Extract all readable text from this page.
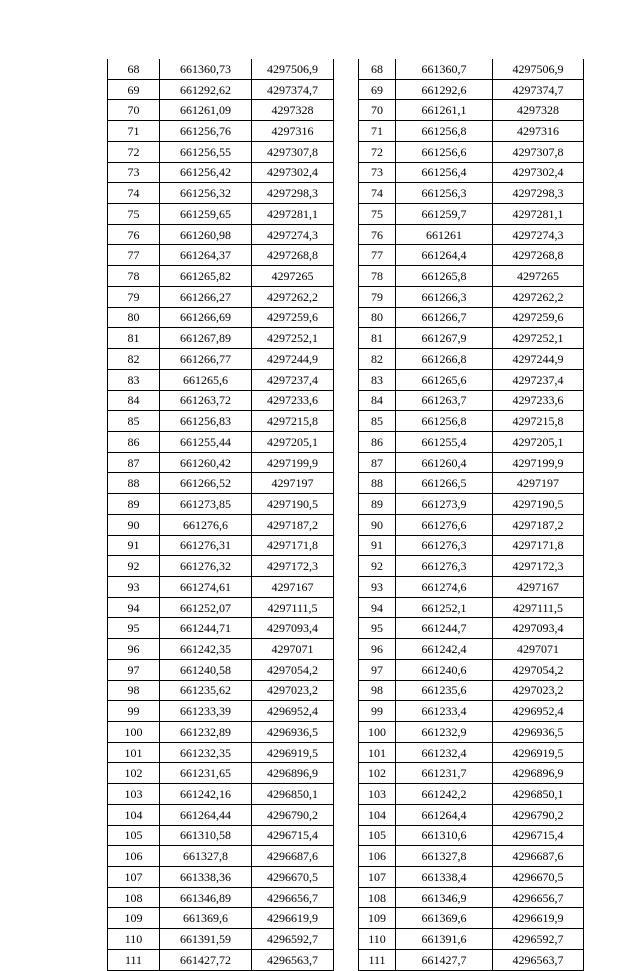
68	661360,73	4297506,9
69	661292,62	4297374,7
70	661261,09	4297328
71	661256,76	4297316
72	661256,55	4297307,8
73	661256,42	4297302,4
74	661256,32	4297298,3
75	661259,65	4297281,1
76	661260,98	4297274,3
77	661264,37	4297268,8
78	661265,82	4297265
79	661266,27	4297262,2
80	661266,69	4297259,6
81	661267,89	4297252,1
82	661266,77	4297244,9
83	661265,6	4297237,4
84	661263,72	4297233,6
85	661256,83	4297215,8
86	661255,44	4297205,1
87	661260,42	4297199,9
88	661266,52	4297197
89	661273,85	4297190,5
90	661276,6	4297187,2
91	661276,31	4297171,8
92	661276,32	4297172,3
93	661274,61	4297167
94	661252,07	4297111,5
95	661244,71	4297093,4
96	661242,35	4297071
97	661240,58	4297054,2
98	661235,62	4297023,2
99	661233,39	4296952,4
100	661232,89	4296936,5
101	661232,35	4296919,5
102	661231,65	4296896,9
103	661242,16	4296850,1
104	661264,44	4296790,2
105	661310,58	4296715,4
106	661327,8	4296687,6
107	661338,36	4296670,5
108	661346,89	4296656,7
109	661369,6	4296619,9
110	661391,59	4296592,7
111	661427,72	4296563,7
68	661360,7	4297506,9
69	661292,6	4297374,7
70	661261,1	4297328
71	661256,8	4297316
72	661256,6	4297307,8
73	661256,4	4297302,4
74	661256,3	4297298,3
75	661259,7	4297281,1
76	661261	4297274,3
77	661264,4	4297268,8
78	661265,8	4297265
79	661266,3	4297262,2
80	661266,7	4297259,6
81	661267,9	4297252,1
82	661266,8	4297244,9
83	661265,6	4297237,4
84	661263,7	4297233,6
85	661256,8	4297215,8
86	661255,4	4297205,1
87	661260,4	4297199,9
88	661266,5	4297197
89	661273,9	4297190,5
90	661276,6	4297187,2
91	661276,3	4297171,8
92	661276,3	4297172,3
93	661274,6	4297167
94	661252,1	4297111,5
95	661244,7	4297093,4
96	661242,4	4297071
97	661240,6	4297054,2
98	661235,6	4297023,2
99	661233,4	4296952,4
100	661232,9	4296936,5
101	661232,4	4296919,5
102	661231,7	4296896,9
103	661242,2	4296850,1
104	661264,4	4296790,2
105	661310,6	4296715,4
106	661327,8	4296687,6
107	661338,4	4296670,5
108	661346,9	4296656,7
109	661369,6	4296619,9
110	661391,6	4296592,7
111	661427,7	4296563,7
